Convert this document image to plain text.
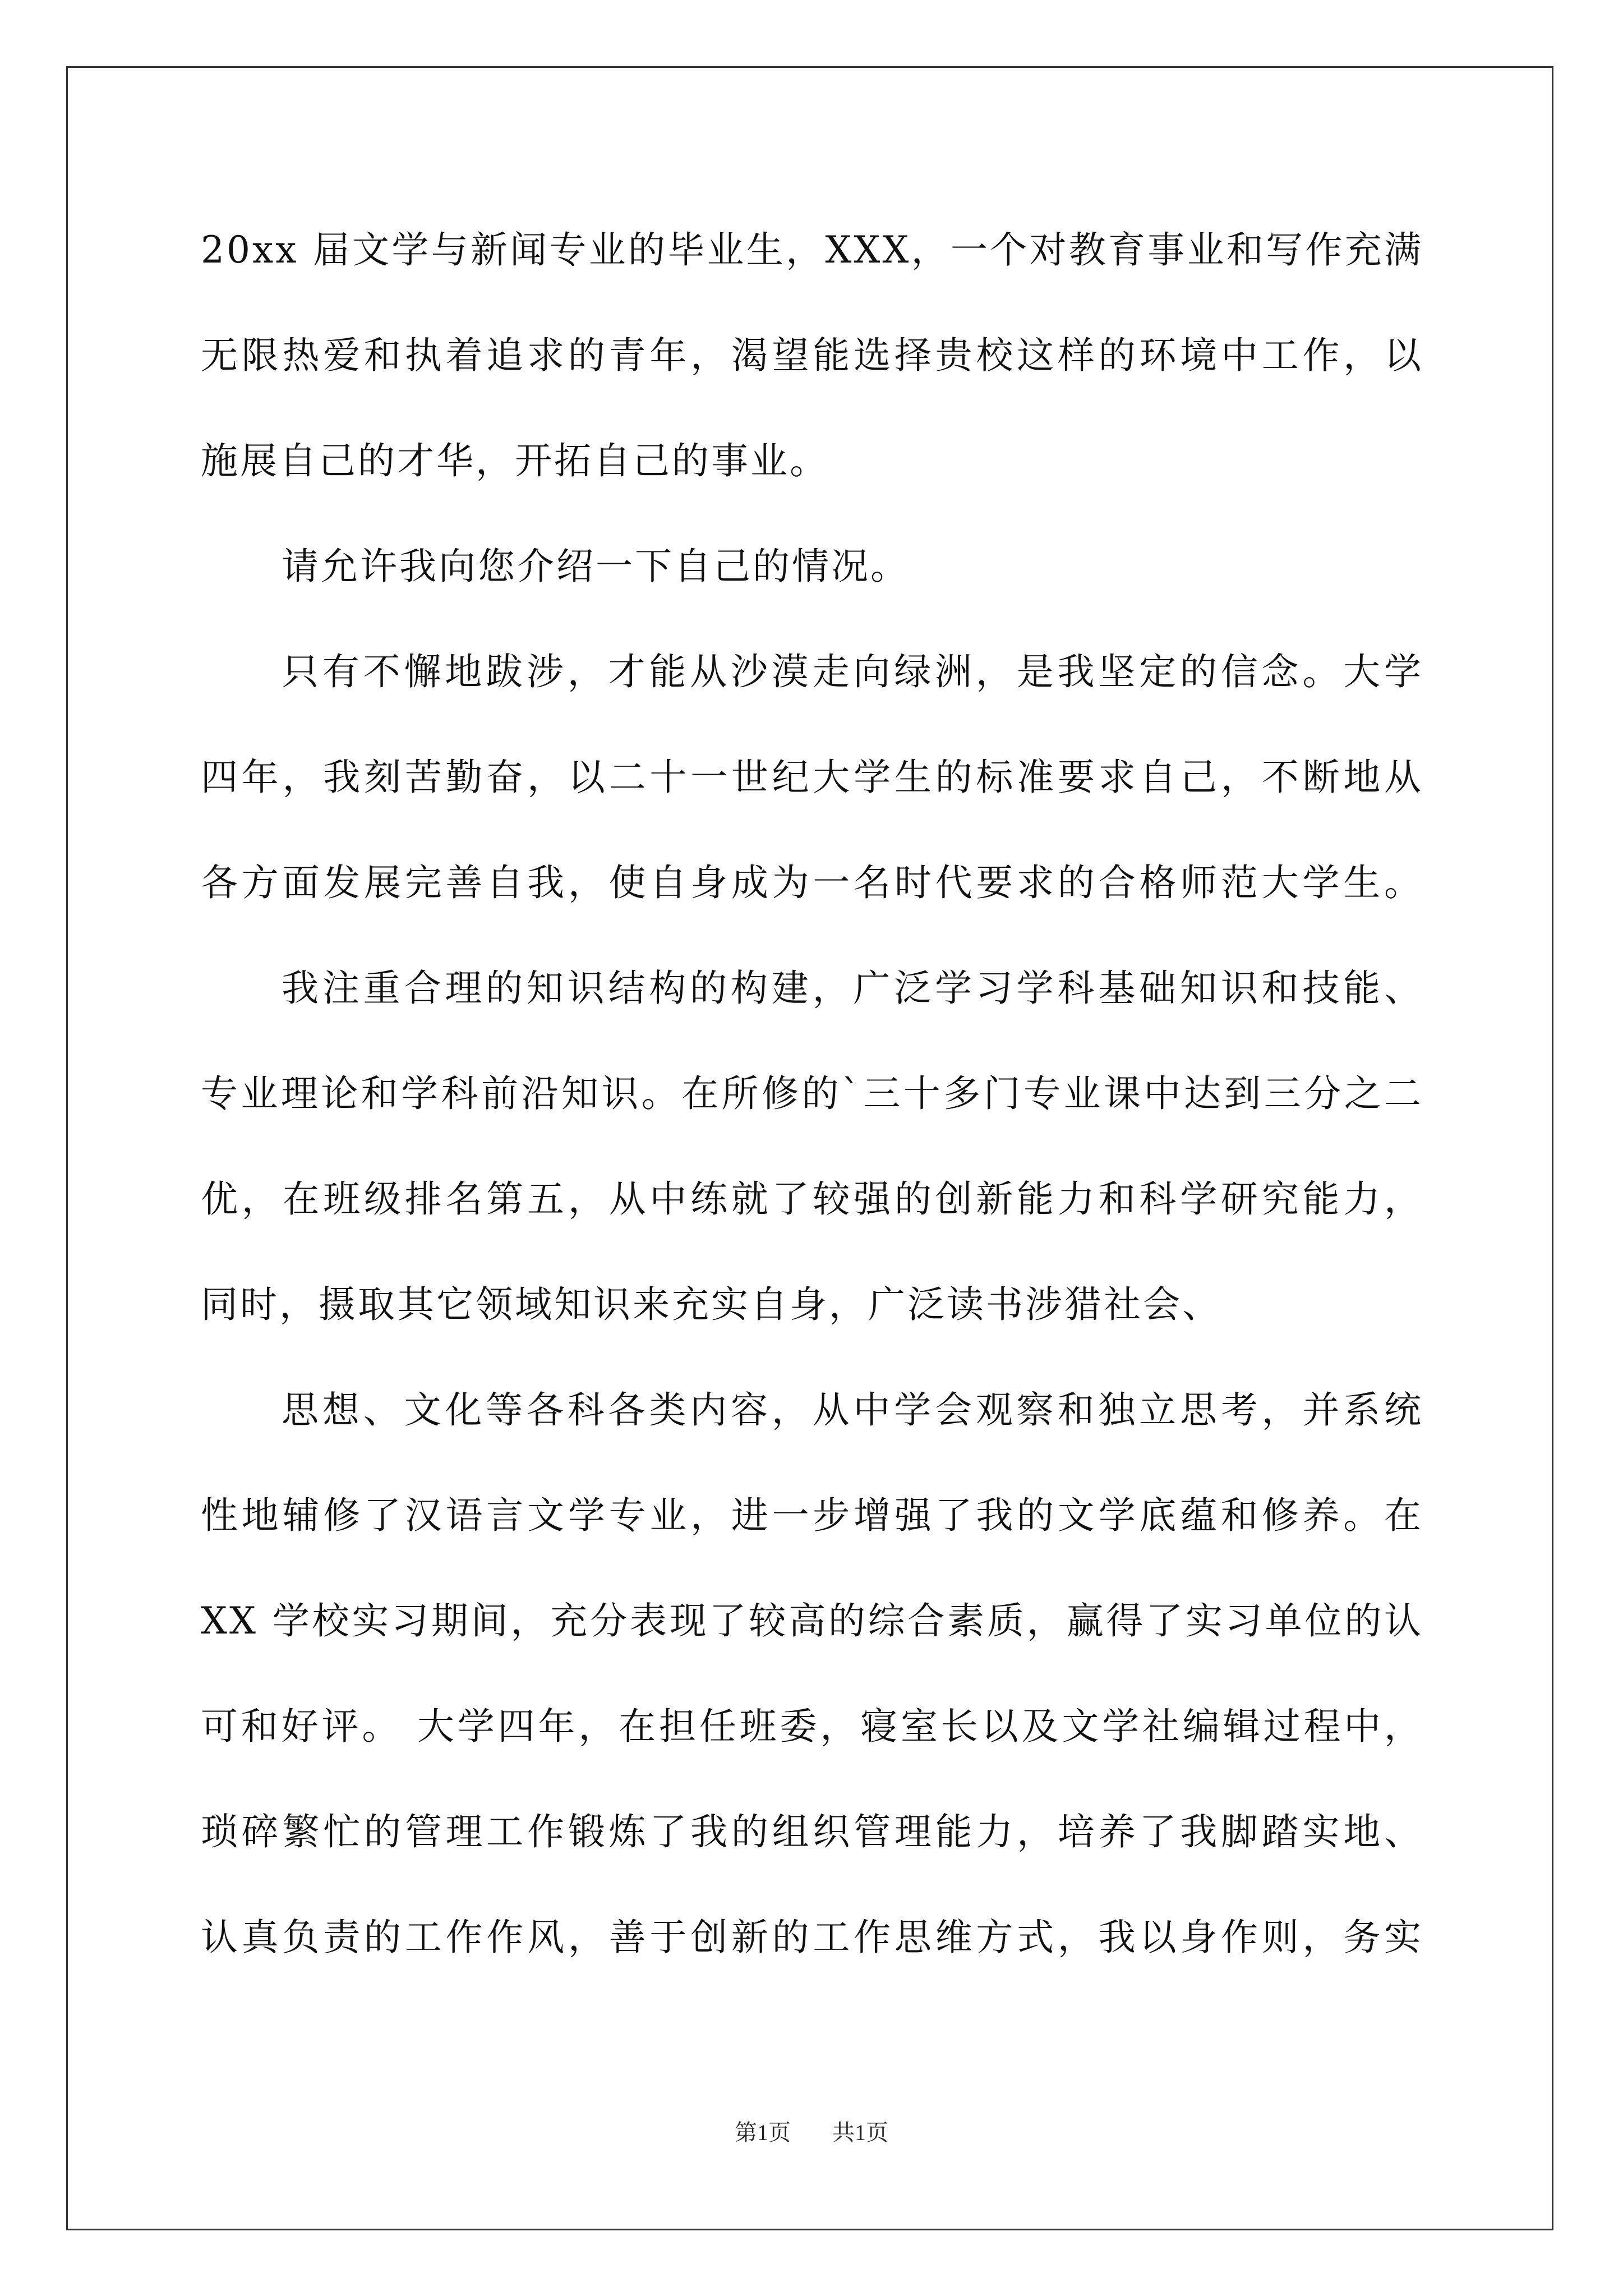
20xx 届文学与新闻专业的毕业生，XXX，一个对教育事业和写作充满

无限热爱和执着追求的青年，渴望能选择贵校这样的环境中工作，以

施展自己的才华，开拓自己的事业。

请允许我向您介绍一下自己的情况。

只有不懈地跋涉，才能从沙漠走向绿洲，是我坚定的信念。大学

四年，我刻苦勤奋，以二十一世纪大学生的标准要求自己，不断地从

各方面发展完善自我，使自身成为一名时代要求的合格师范大学生。

我注重合理的知识结构的构建，广泛学习学科基础知识和技能、

专业理论和学科前沿知识。在所修的`三十多门专业课中达到三分之二

优，在班级排名第五，从中练就了较强的创新能力和科学研究能力，

同时，摄取其它领域知识来充实自身，广泛读书涉猎社会、

思想、文化等各科各类内容，从中学会观察和独立思考，并系统

性地辅修了汉语言文学专业，进一步增强了我的文学底蕴和修养。在

XX 学校实习期间，充分表现了较高的综合素质，赢得了实习单位的认

可和好评。 大学四年，在担任班委，寝室长以及文学社编辑过程中，

琐碎繁忙的管理工作锻炼了我的组织管理能力，培养了我脚踏实地、

认真负责的工作作风，善于创新的工作思维方式，我以身作则，务实

第1页 共1页
